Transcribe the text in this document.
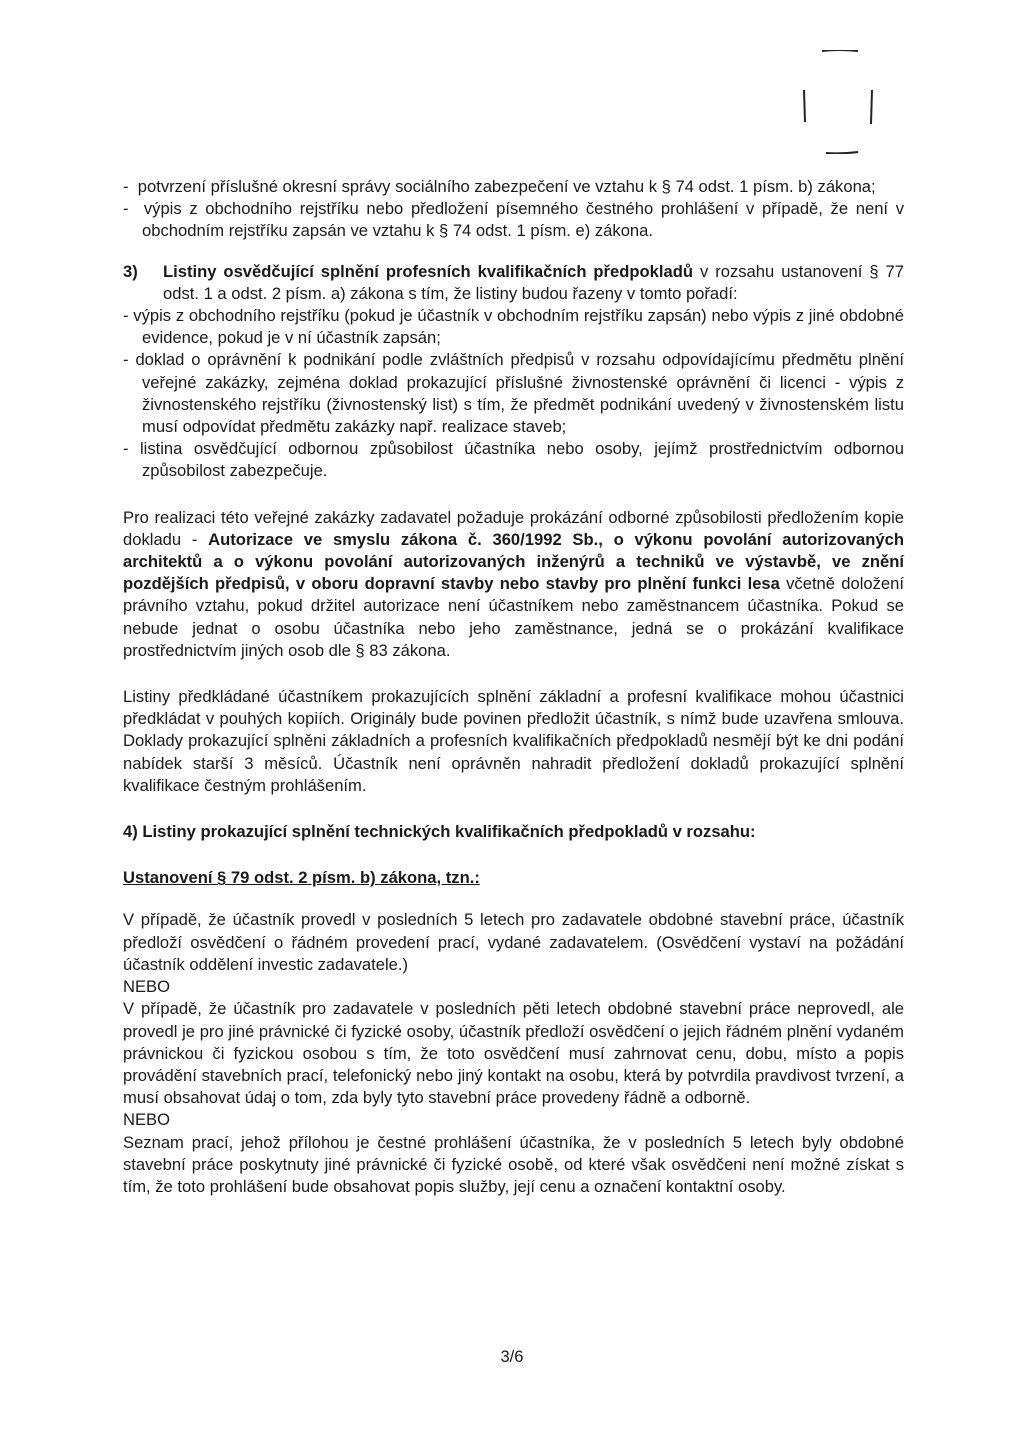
-  potvrzení příslušné okresní správy sociálního zabezpečení ve vztahu k § 74 odst. 1 písm. b) zákona;

-  výpis z obchodního rejstříku nebo předložení písemného čestného prohlášení v případě, že není v obchodním rejstříku zapsán ve vztahu k § 74 odst. 1 písm. e) zákona.

3)	Listiny osvědčující splnění profesních kvalifikačních předpokladů v rozsahu ustanovení § 77 odst. 1 a odst. 2 písm. a) zákona s tím, že listiny budou řazeny v tomto pořadí:

- výpis z obchodního rejstříku (pokud je účastník v obchodním rejstříku zapsán) nebo výpis z jiné obdobné evidence, pokud je v ní účastník zapsán;

- doklad o oprávnění k podnikání podle zvláštních předpisů v rozsahu odpovídajícímu předmětu plnění veřejné zakázky, zejména doklad prokazující příslušné živnostenské oprávnění či licenci - výpis z živnostenského rejstříku (živnostenský list) s tím, že předmět podnikání uvedený v živnostenském listu musí odpovídat předmětu zakázky např. realizace staveb;

- listina osvědčující odbornou způsobilost účastníka nebo osoby, jejímž prostřednictvím odbornou způsobilost zabezpečuje.

Pro realizaci této veřejné zakázky zadavatel požaduje prokázání odborné způsobilosti předložením kopie dokladu - Autorizace ve smyslu zákona č. 360/1992 Sb., o výkonu povolání autorizovaných architektů a o výkonu povolání autorizovaných inženýrů a techniků ve výstavbě, ve znění pozdějších předpisů, v oboru dopravní stavby nebo stavby pro plnění funkci lesa včetně doložení právního vztahu, pokud držitel autorizace není účastníkem nebo zaměstnancem účastníka. Pokud se nebude jednat o osobu účastníka nebo jeho zaměstnance, jedná se o prokázání kvalifikace prostřednictvím jiných osob dle § 83 zákona.

Listiny předkládané účastníkem prokazujících splnění základní a profesní kvalifikace mohou účastnici předkládat v pouhých kopiích. Originály bude povinen předložit účastník, s nímž bude uzavřena smlouva. Doklady prokazující splněni základních a profesních kvalifikačních předpokladů nesmějí být ke dni podání nabídek starší 3 měsíců. Účastník není oprávněn nahradit předložení dokladů prokazující splnění kvalifikace čestným prohlášením.

4) Listiny prokazující splnění technických kvalifikačních předpokladů v rozsahu:

Ustanovení § 79 odst. 2 písm. b) zákona, tzn.:

V případě, že účastník provedl v posledních 5 letech pro zadavatele obdobné stavební práce, účastník předloží osvědčení o řádném provedení prací, vydané zadavatelem. (Osvědčení vystaví na požádání účastník oddělení investic zadavatele.)

NEBO

V případě, že účastník pro zadavatele v posledních pěti letech obdobné stavební práce neprovedl, ale provedl je pro jiné právnické či fyzické osoby, účastník předloží osvědčení o jejich řádném plnění vydaném právnickou či fyzickou osobou s tím, že toto osvědčení musí zahrnovat cenu, dobu, místo a popis provádění stavebních prací, telefonický nebo jiný kontakt na osobu, která by potvrdila pravdivost tvrzení, a musí obsahovat údaj o tom, zda byly tyto stavební práce provedeny řádně a odborně.

NEBO

Seznam prací, jehož přílohou je čestné prohlášení účastníka, že v posledních 5 letech byly obdobné stavební práce poskytnuty jiné právnické či fyzické osobě, od které však osvědčeni není možné získat s tím, že toto prohlášení bude obsahovat popis služby, její cenu a označení kontaktní osoby.

3/6
